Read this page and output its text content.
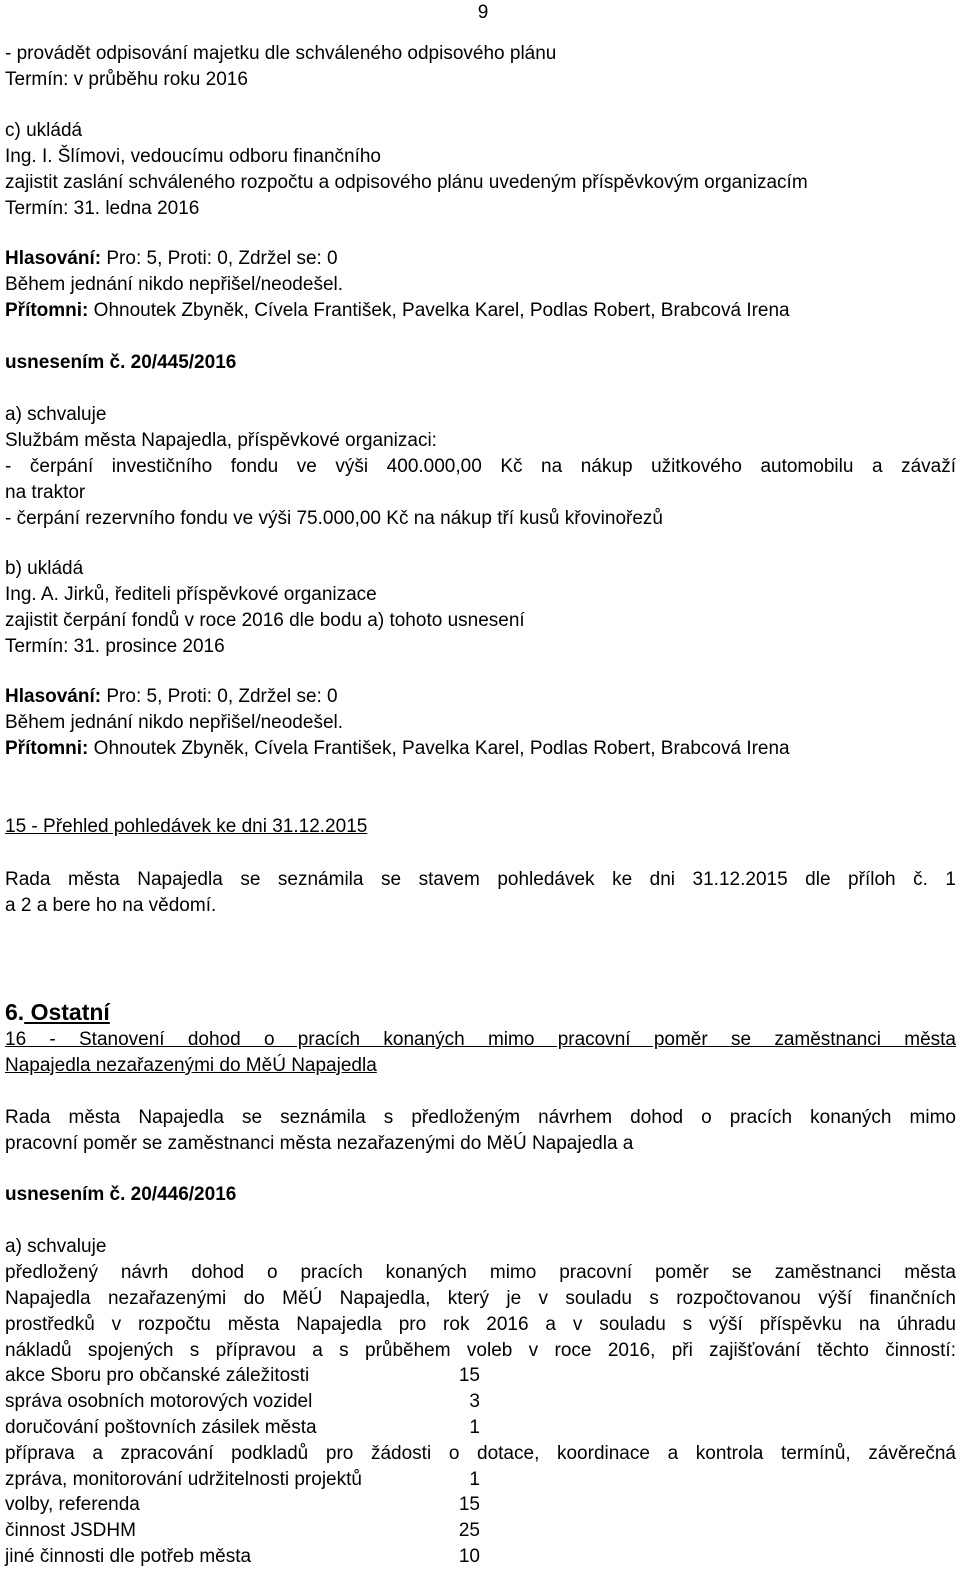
9
- provádět odpisování majetku dle schváleného odpisového plánu
Termín: v průběhu roku 2016
c) ukládá
Ing. I. Šlímovi, vedoucímu odboru finančního
zajistit zaslání schváleného rozpočtu a odpisového plánu uvedeným příspěvkovým organizacím
Termín: 31. ledna 2016
Hlasování: Pro: 5, Proti: 0, Zdržel se: 0
Během jednání nikdo nepřišel/neodešel.
Přítomni: Ohnoutek Zbyněk, Cívela František, Pavelka Karel, Podlas Robert, Brabcová Irena
usnesením č. 20/445/2016
a) schvaluje
Službám města Napajedla, příspěvkové organizaci:
- čerpání investičního fondu ve výši 400.000,00 Kč na nákup užitkového automobilu a závaží
na traktor
- čerpání rezervního fondu ve výši 75.000,00 Kč na nákup tří kusů křovinořezů
b) ukládá
Ing. A. Jirků, řediteli příspěvkové organizace
zajistit čerpání fondů v roce 2016 dle bodu a) tohoto usnesení
Termín: 31. prosince 2016
Hlasování: Pro: 5, Proti: 0, Zdržel se: 0
Během jednání nikdo nepřišel/neodešel.
Přítomni: Ohnoutek Zbyněk, Cívela František, Pavelka Karel, Podlas Robert, Brabcová Irena
15 - Přehled pohledávek ke dni 31.12.2015
Rada města Napajedla se seznámila se stavem pohledávek ke dni 31.12.2015 dle příloh č. 1
a 2 a bere ho na vědomí.
6. Ostatní
16 - Stanovení dohod o pracích konaných mimo pracovní poměr se zaměstnanci města
Napajedla nezařazenými do MěÚ Napajedla
Rada města Napajedla se seznámila s předloženým návrhem dohod o pracích konaných mimo
pracovní poměr se zaměstnanci města nezařazenými do MěÚ Napajedla a
usnesením č. 20/446/2016
a) schvaluje
předložený návrh dohod o pracích konaných mimo pracovní poměr se zaměstnanci města
Napajedla nezařazenými do MěÚ Napajedla, který je v souladu s rozpočtovanou výší finančních
prostředků v rozpočtu města Napajedla pro rok 2016 a v souladu s výší příspěvku na úhradu
nákladů spojených s přípravou a s průběhem voleb v roce 2016, při zajišťování těchto činností:
akce Sboru pro občanské záležitosti	15
správa osobních motorových vozidel	3
doručování poštovních zásilek města	1
příprava a zpracování podkladů pro žádosti o dotace, koordinace a kontrola termínů, závěrečná
zpráva, monitorování udržitelnosti projektů	1
volby, referenda	15
činnost JSDHM	25
jiné činnosti dle potřeb města	10
